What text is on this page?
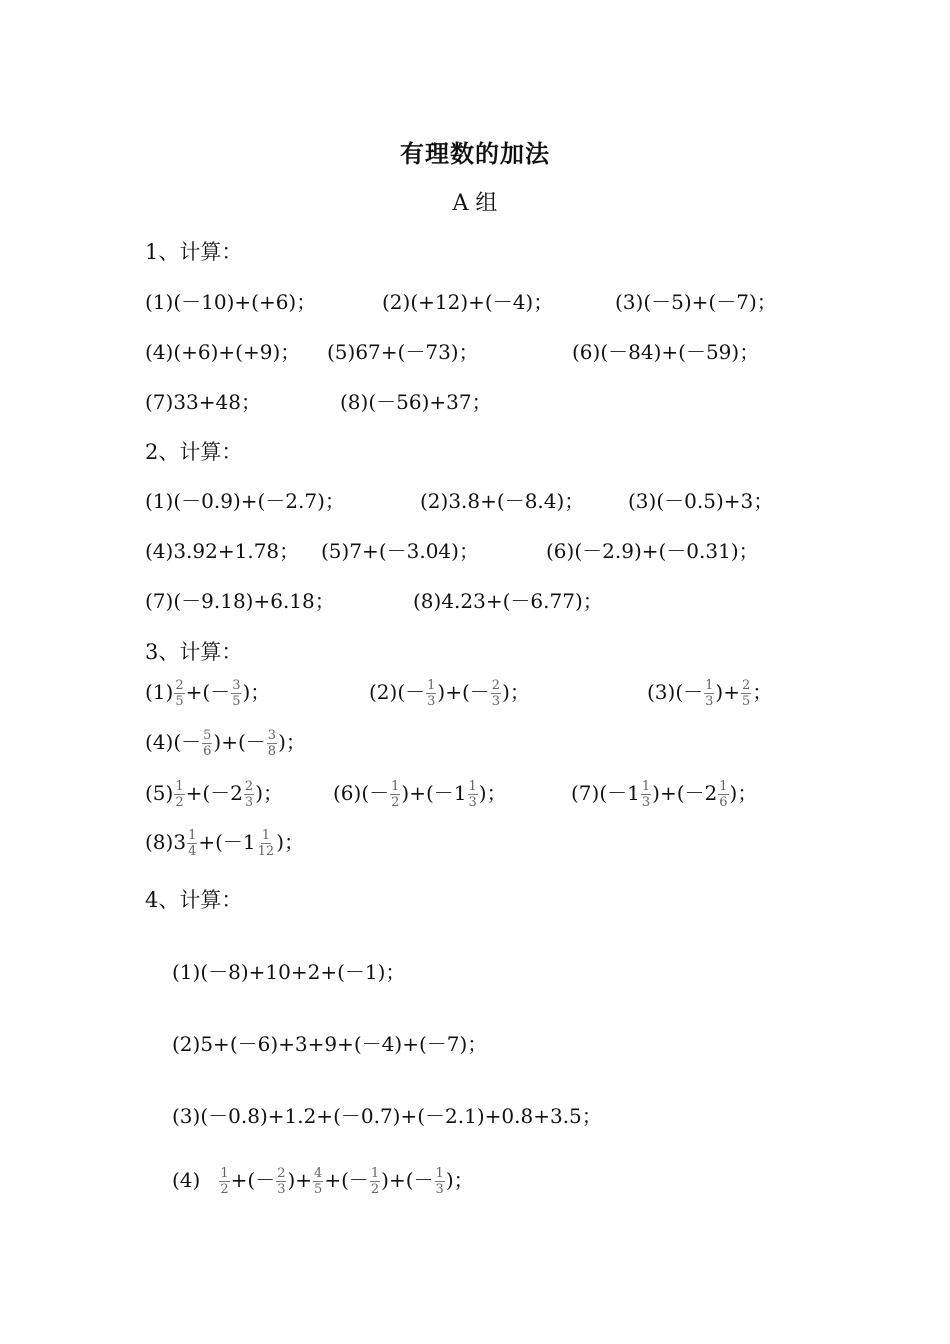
有理数的加法
A 组
1、计算：
(1)(－10)+(+6)；	(2)(+12)+(－4)；	(3)(－5)+(－7)；
(4)(+6)+(+9)； (5)67+(－73)；	(6)(－84)+(－59)；
(7)33+48；	(8)(－56)+37；
2、计算：
(1)(－0.9)+(－2.7)；	(2)3.8+(－8.4)； (3)(－0.5)+3；
(4)3.92+1.78； (5)7+(－3.04)；	(6)(－2.9)+(－0.31)；
(7)(－9.18)+6.18；	(8)4.23+(－6.77)；
3、计算：
$(1) \frac{2}{5}$ +(－ $\frac{3}{5}$ )；	$(2)(- \frac{1}{3}$ )+(－ $\frac{2}{3}$ )；	$(3)(- \frac{1}{3}$ )+ $\frac{2}{5}$ ；
$(4)(- \frac{5}{6}$ )+(－ $\frac{3}{8}$ )；
$(5) \frac{1}{2} +(-2 \frac{2}{3}$ )； $(6)(- \frac{1}{2} )+(-1 \frac{1}{3}$ )；	$(7)(-1 \frac{1}{3} )+(-2 \frac{1}{6}$ )；
$(8)3 \frac{1}{4} +(-1 \frac{1}{12}$ )；
4、计算：
(1)(－8)+10+2+(－1)；
(2)5+(－6)+3+9+(－4)+(－7)；
(3)(－0.8)+1.2+(－0.7)+(－2.1)+0.8+3.5；
$(4) \frac{1}{2}$ +(－ $\frac{2}{3}$ )+ $\frac{4}{5}$ +(－ $\frac{1}{2}$ )+(－ $\frac{1}{3}$ )；
